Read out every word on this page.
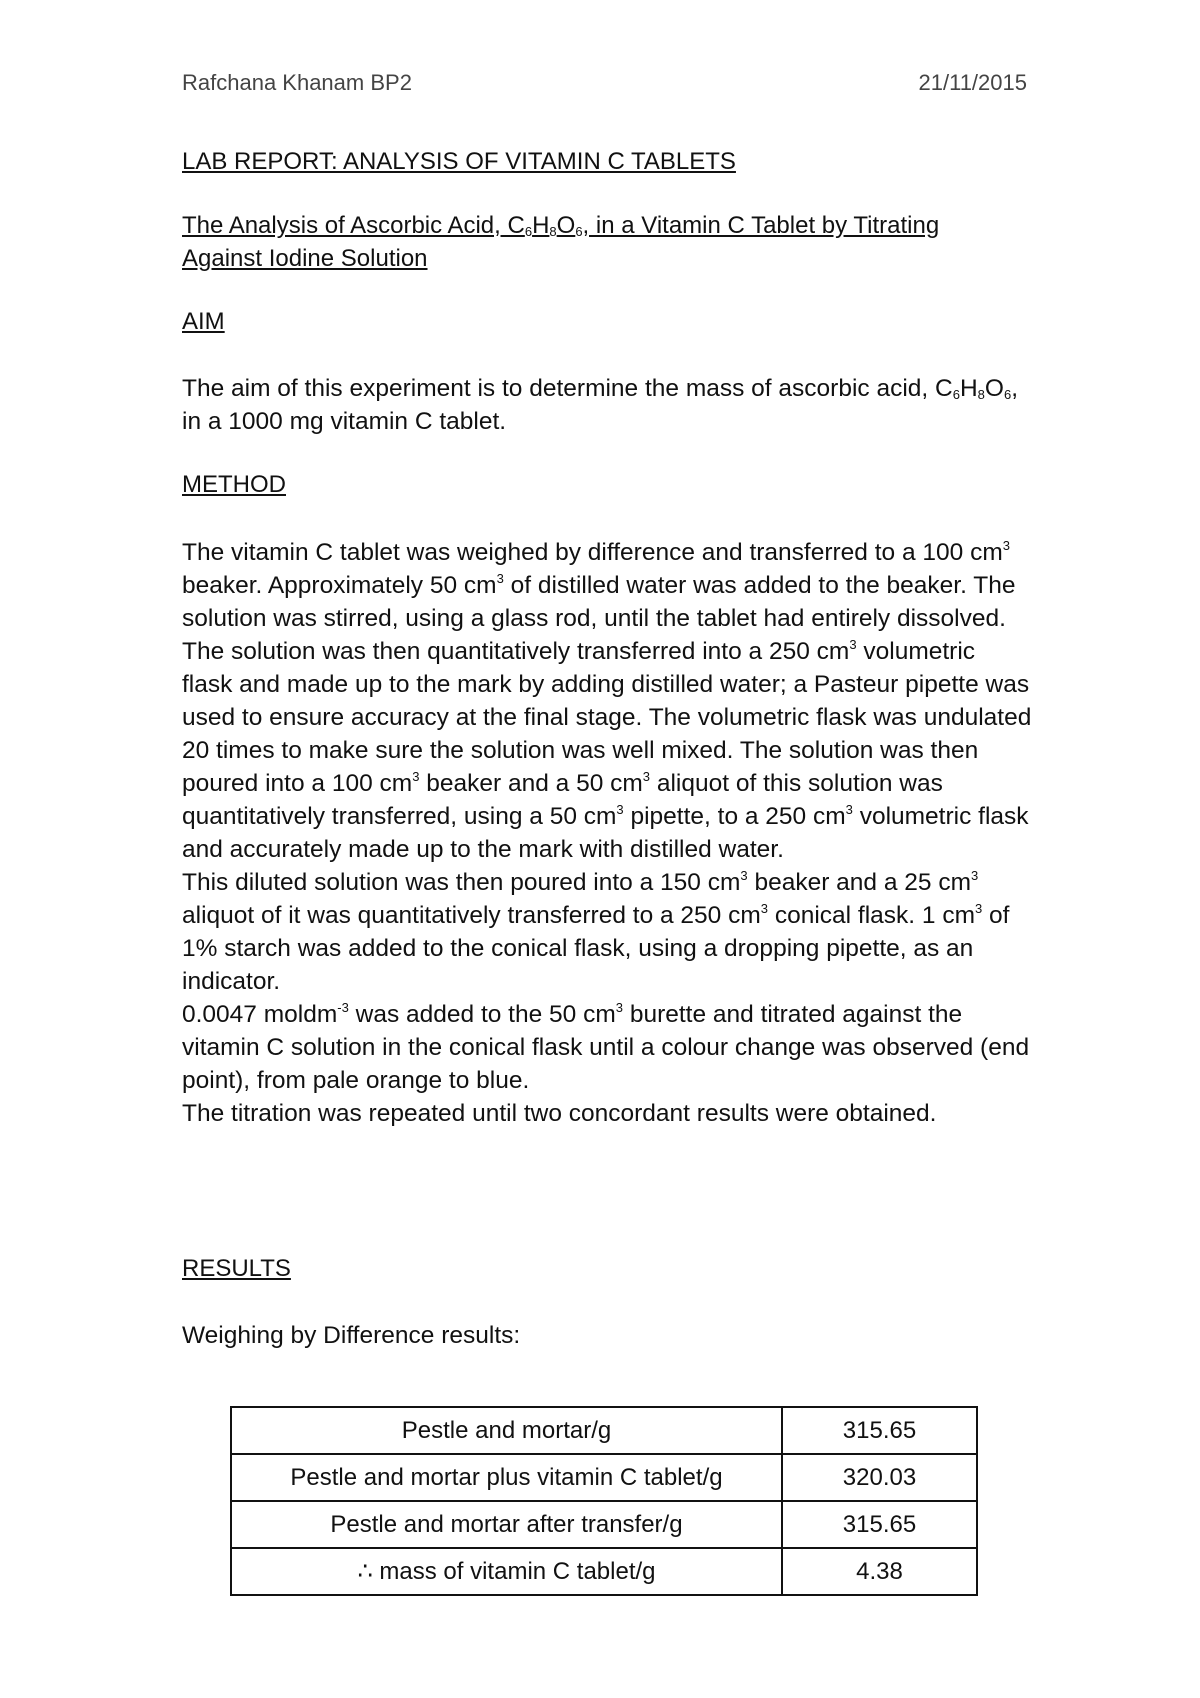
Rafchana Khanam BP2	21/11/2015
LAB REPORT: ANALYSIS OF VITAMIN C TABLETS
The Analysis of Ascorbic Acid, $C_6H_8O_6$, in a Vitamin C Tablet by Titrating Against Iodine Solution
AIM
The aim of this experiment is to determine the mass of ascorbic acid, $C_6H_8O_6$, in a 1000 mg vitamin C tablet.
METHOD

The vitamin C tablet was weighed by difference and transferred to a 100 $cm^3$ beaker. Approximately 50 $cm^3$ of distilled water was added to the beaker. The solution was stirred, using a glass rod, until the tablet had entirely dissolved.

The solution was then quantitatively transferred into a 250 $cm^3$ volumetric flask and made up to the mark by adding distilled water; a Pasteur pipette was used to ensure accuracy at the final stage. The volumetric flask was undulated 20 times to make sure the solution was well mixed. The solution was then poured into a 100 $cm^3$ beaker and a 50 $cm^3$ aliquot of this solution was quantitatively transferred, using a 50 $cm^3$ pipette, to a 250 $cm^3$ volumetric flask and accurately made up to the mark with distilled water.

This diluted solution was then poured into a 150 $cm^3$ beaker and a 25 $cm^3$ aliquot of it was quantitatively transferred to a 250 $cm^3$ conical flask. 1 $cm^3$ of 1% starch was added to the conical flask, using a dropping pipette, as an indicator.

0.0047 moldm$^{-3}$ was added to the 50 $cm^3$ burette and titrated against the vitamin C solution in the conical flask until a colour change was observed (end point), from pale orange to blue.

The titration was repeated until two concordant results were obtained.

RESULTS
Weighing by Difference results:
Pestle and mortar/g	315.65
Pestle and mortar plus vitamin C tablet/g	320.03
Pestle and mortar after transfer/g	315.65
∴ mass of vitamin C tablet/g	4.38
